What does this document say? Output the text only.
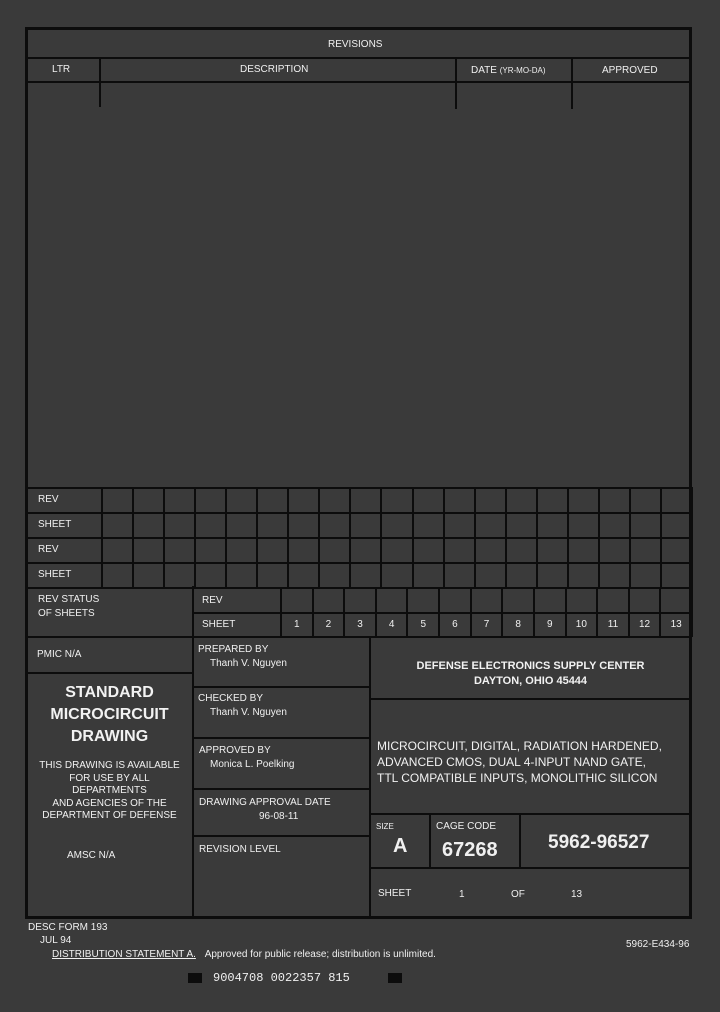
REVISIONS
LTR	DESCRIPTION	DATE (YR-MO-DA)	APPROVED
REV
SHEET
REV
SHEET
REV STATUS
OF SHEETS
REV
SHEET	1	2	3	4	5	6	7	8	9	10	11	12	13
PMIC N/A
STANDARD
MICROCIRCUIT
DRAWING
THIS DRAWING IS AVAILABLE
FOR USE BY ALL
DEPARTMENTS
AND AGENCIES OF THE
DEPARTMENT OF DEFENSE
AMSC N/A
PREPARED BY
Thanh V. Nguyen
CHECKED BY
Thanh V. Nguyen
APPROVED BY
Monica L. Poelking
DRAWING APPROVAL DATE
96-08-11
REVISION LEVEL
DEFENSE ELECTRONICS SUPPLY CENTER
DAYTON, OHIO 45444
MICROCIRCUIT, DIGITAL, RADIATION HARDENED,
ADVANCED CMOS, DUAL 4-INPUT NAND GATE,
TTL COMPATIBLE INPUTS, MONOLITHIC SILICON
SIZE
A
CAGE CODE
67268	5962-96527
SHEET	1	OF	13
DESC FORM 193
JUL 94	5962-E434-96
DISTRIBUTION STATEMENT A. Approved for public release; distribution is unlimited.
9004708 0022357 815
